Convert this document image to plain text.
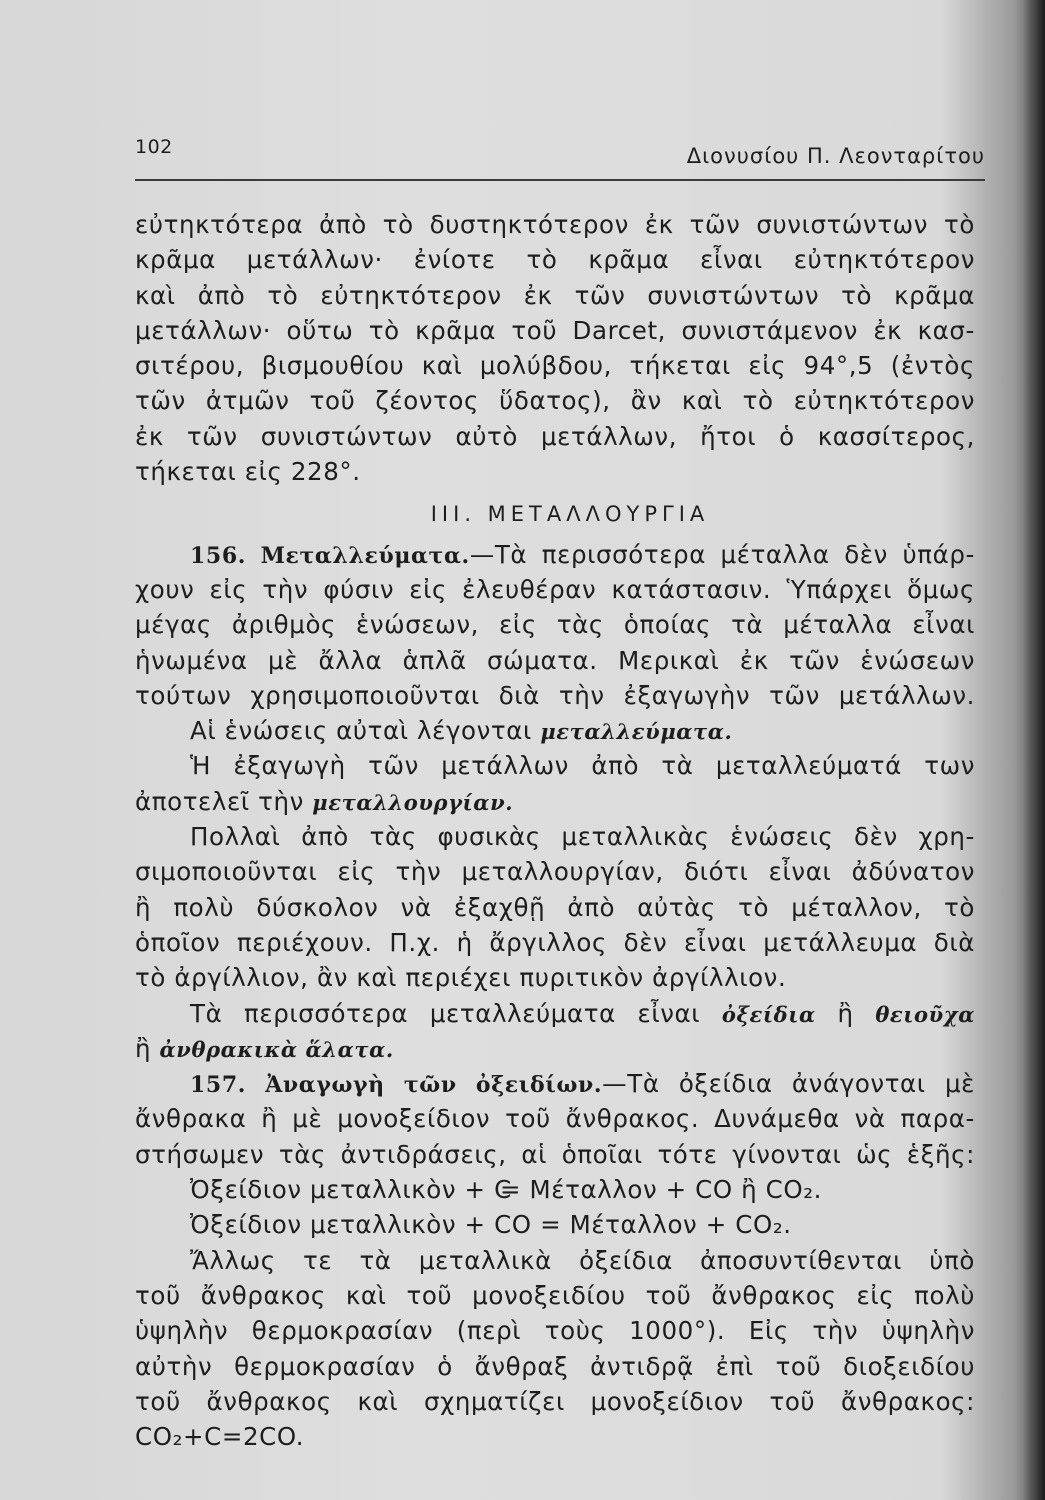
102	Διονυσίου Π. Λεονταρίτου
εὐτηκτότερα ἀπὸ τὸ δυστηκτότερον ἐκ τῶν συνιστώντων τὸ
κρᾶμα μετάλλων· ἐνίοτε τὸ κρᾶμα εἶναι εὐτηκτότερον
καὶ ἀπὸ τὸ εὐτηκτότερον ἐκ τῶν συνιστώντων τὸ κρᾶμα
μετάλλων· οὕτω τὸ κρᾶμα τοῦ Darcet, συνιστάμενον ἐκ κασ-
σιτέρου, βισμουθίου καὶ μολύβδου, τήκεται εἰς 94°,5 (ἐντὸς
τῶν ἀτμῶν τοῦ ζέοντος ὕδατος), ἂν καὶ τὸ εὐτηκτότερον
ἐκ τῶν συνιστώντων αὐτὸ μετάλλων, ἤτοι ὁ κασσίτερος,
τήκεται εἰς 228°.
ΙΙΙ. ΜΕΤΑΛΛΟΥΡΓΙΑ
156. Μεταλλεύματα.—Τὰ περισσότερα μέταλλα δὲν ὑπάρ-
χουν εἰς τὴν φύσιν εἰς ἐλευθέραν κατάστασιν. Ὑπάρχει ὅμως
μέγας ἀριθμὸς ἑνώσεων, εἰς τὰς ὁποίας τὰ μέταλλα εἶναι
ἡνωμένα μὲ ἄλλα ἁπλᾶ σώματα. Μερικαὶ ἐκ τῶν ἑνώσεων
τούτων χρησιμοποιοῦνται διὰ τὴν ἐξαγωγὴν τῶν μετάλλων.
Αἱ ἑνώσεις αὐταὶ λέγονται μεταλλεύματα.
Ἡ ἐξαγωγὴ τῶν μετάλλων ἀπὸ τὰ μεταλλεύματά των
ἀποτελεῖ τὴν μεταλλουργίαν.
Πολλαὶ ἀπὸ τὰς φυσικὰς μεταλλικὰς ἑνώσεις δὲν χρη-
σιμοποιοῦνται εἰς τὴν μεταλλουργίαν, διότι εἶναι ἀδύνατον
ἢ πολὺ δύσκολον νὰ ἐξαχθῇ ἀπὸ αὐτὰς τὸ μέταλλον, τὸ
ὁποῖον περιέχουν. Π.χ. ἡ ἄργιλλος δὲν εἶναι μετάλλευμα διὰ
τὸ ἀργίλλιον, ἂν καὶ περιέχει πυριτικὸν ἀργίλλιον.
Τὰ περισσότερα μεταλλεύματα εἶναι ὀξείδια ἢ θειοῦχα
ἢ ἀνθρακικὰ ἅλατα.
157. Ἀναγωγὴ τῶν ὀξειδίων.—Τὰ ὀξείδια ἀνάγονται μὲ
ἄνθρακα ἢ μὲ μονοξείδιον τοῦ ἄνθρακος. Δυνάμεθα νὰ παρα-
στήσωμεν τὰς ἀντιδράσεις, αἱ ὁποῖαι τότε γίνονται ὡς ἑξῆς:
Ὀξείδιον μεταλλικὸν + C= Μέταλλον + CO ἢ CO₂.
Ὀξείδιον μεταλλικὸν + CO = Μέταλλον + CO₂.
Ἄλλως τε τὰ μεταλλικὰ ὀξείδια ἀποσυντίθενται ὑπὸ
τοῦ ἄνθρακος καὶ τοῦ μονοξειδίου τοῦ ἄνθρακος εἰς πολὺ
ὑψηλὴν θερμοκρασίαν (περὶ τοὺς 1000°). Εἰς τὴν ὑψηλὴν
αὐτὴν θερμοκρασίαν ὁ ἄνθραξ ἀντιδρᾷ ἐπὶ τοῦ διοξειδίου
τοῦ ἄνθρακος καὶ σχηματίζει μονοξείδιον τοῦ ἄνθρακος:
CO₂+C=2CO.
